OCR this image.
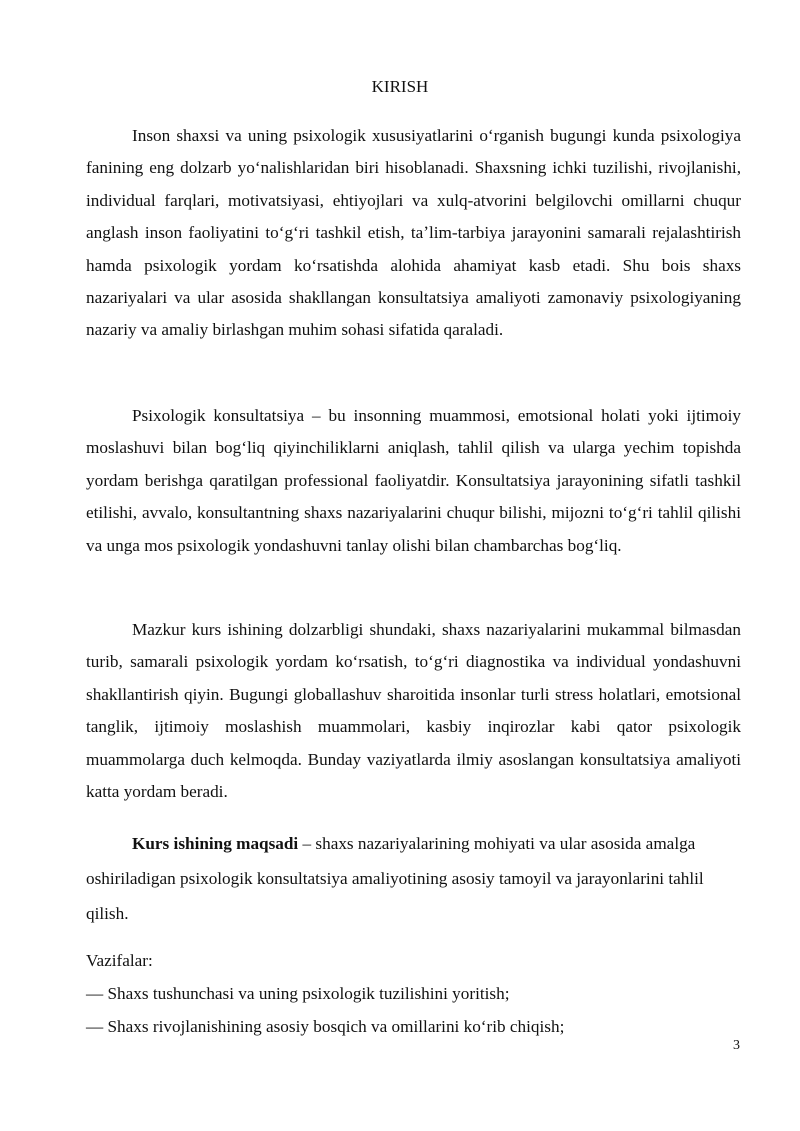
KIRISH

Inson shaxsi va uning psixologik xususiyatlarini oʻrganish bugungi kunda psixologiya fanining eng dolzarb yoʻnalishlaridan biri hisoblanadi. Shaxsning ichki tuzilishi, rivojlanishi, individual farqlari, motivatsiyasi, ehtiyojlari va xulq-atvorini belgilovchi omillarni chuqur anglash inson faoliyatini toʻgʻri tashkil etish, taʼlim-tarbiya jarayonini samarali rejalashtirish hamda psixologik yordam koʻrsatishda alohida ahamiyat kasb etadi. Shu bois shaxs nazariyalari va ular asosida shakllangan konsultatsiya amaliyoti zamonaviy psixologiyaning nazariy va amaliy birlashgan muhim sohasi sifatida qaraladi.

Psixologik konsultatsiya – bu insonning muammosi, emotsional holati yoki ijtimoiy moslashuvi bilan bogʻliq qiyinchiliklarni aniqlash, tahlil qilish va ularga yechim topishda yordam berishga qaratilgan professional faoliyatdir. Konsultatsiya jarayonining sifatli tashkil etilishi, avvalo, konsultantning shaxs nazariyalarini chuqur bilishi, mijozni toʻgʻri tahlil qilishi va unga mos psixologik yondashuvni tanlay olishi bilan chambarchas bogʻliq.

Mazkur kurs ishining dolzarbligi shundaki, shaxs nazariyalarini mukammal bilmasdan turib, samarali psixologik yordam koʻrsatish, toʻgʻri diagnostika va individual yondashuvni shakllantirish qiyin. Bugungi globallashuv sharoitida insonlar turli stress holatlari, emotsional tanglik, ijtimoiy moslashish muammolari, kasbiy inqirozlar kabi qator psixologik muammolarga duch kelmoqda. Bunday vaziyatlarda ilmiy asoslangan konsultatsiya amaliyoti katta yordam beradi.

Kurs ishining maqsadi – shaxs nazariyalarining mohiyati va ular asosida amalga oshiriladigan psixologik konsultatsiya amaliyotining asosiy tamoyil va jarayonlarini tahlil qilish.

Vazifalar:
— Shaxs tushunchasi va uning psixologik tuzilishini yoritish;
— Shaxs rivojlanishining asosiy bosqich va omillarini koʻrib chiqish;
3
